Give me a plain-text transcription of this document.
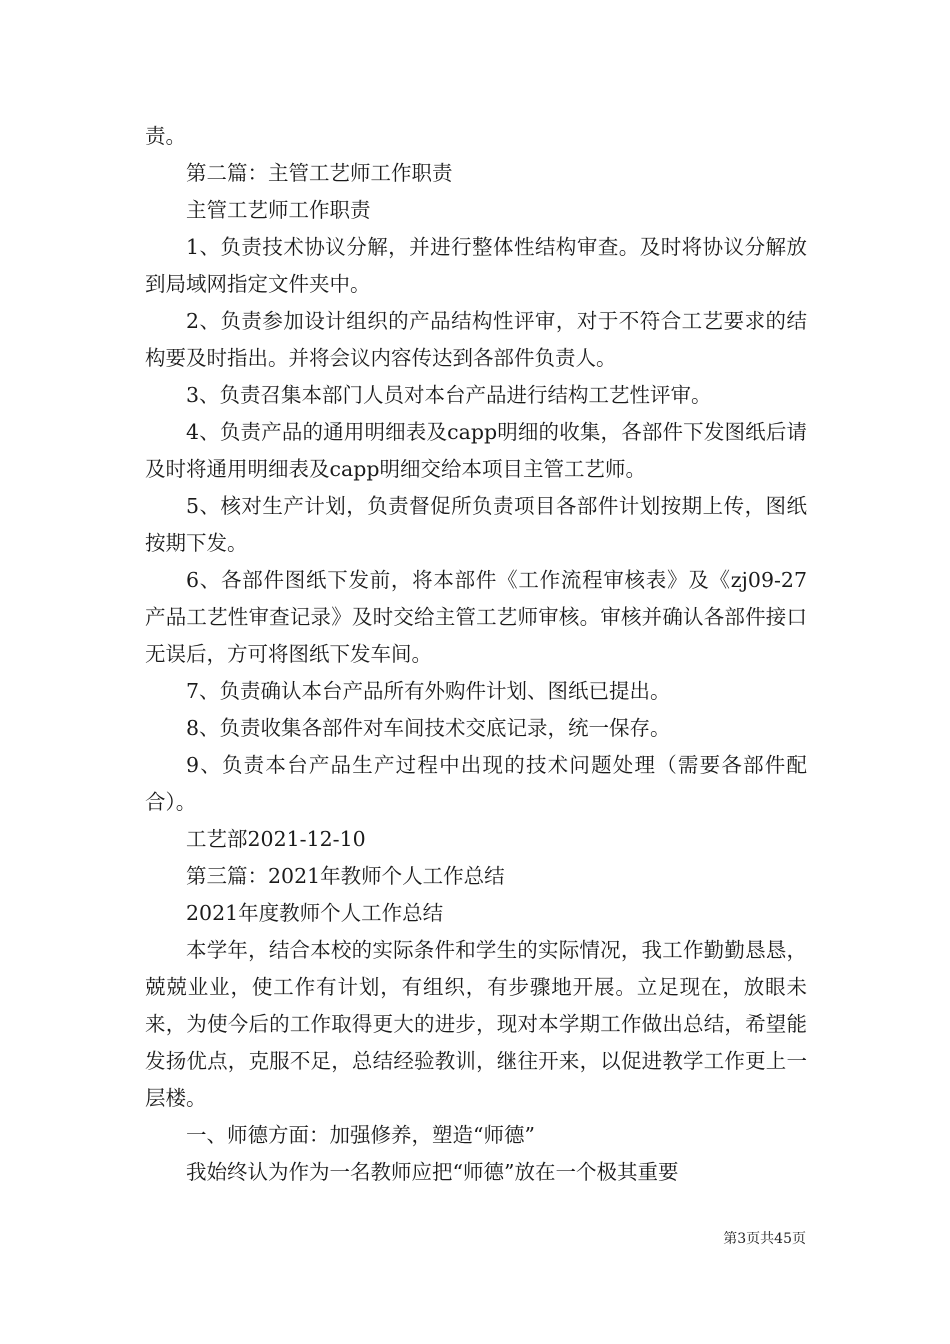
责。

第二篇：主管工艺师工作职责

主管工艺师工作职责

1、负责技术协议分解，并进行整体性结构审查。及时将协议分解放到局域网指定文件夹中。

2、负责参加设计组织的产品结构性评审，对于不符合工艺要求的结构要及时指出。并将会议内容传达到各部件负责人。

3、负责召集本部门人员对本台产品进行结构工艺性评审。

4、负责产品的通用明细表及capp明细的收集，各部件下发图纸后请及时将通用明细表及capp明细交给本项目主管工艺师。

5、核对生产计划，负责督促所负责项目各部件计划按期上传，图纸按期下发。

6、各部件图纸下发前，将本部件《工作流程审核表》及《zj09-27产品工艺性审查记录》及时交给主管工艺师审核。审核并确认各部件接口无误后，方可将图纸下发车间。

7、负责确认本台产品所有外购件计划、图纸已提出。

8、负责收集各部件对车间技术交底记录，统一保存。

9、负责本台产品生产过程中出现的技术问题处理（需要各部件配合）。

工艺部2021-12-10

第三篇：2021年教师个人工作总结

2021年度教师个人工作总结

本学年，结合本校的实际条件和学生的实际情况，我工作勤勤恳恳，兢兢业业，使工作有计划，有组织，有步骤地开展。立足现在，放眼未来，为使今后的工作取得更大的进步，现对本学期工作做出总结，希望能发扬优点，克服不足，总结经验教训，继往开来，以促进教学工作更上一层楼。

一、师德方面：加强修养，塑造“师德”

我始终认为作为一名教师应把“师德”放在一个极其重要

第3页共45页
